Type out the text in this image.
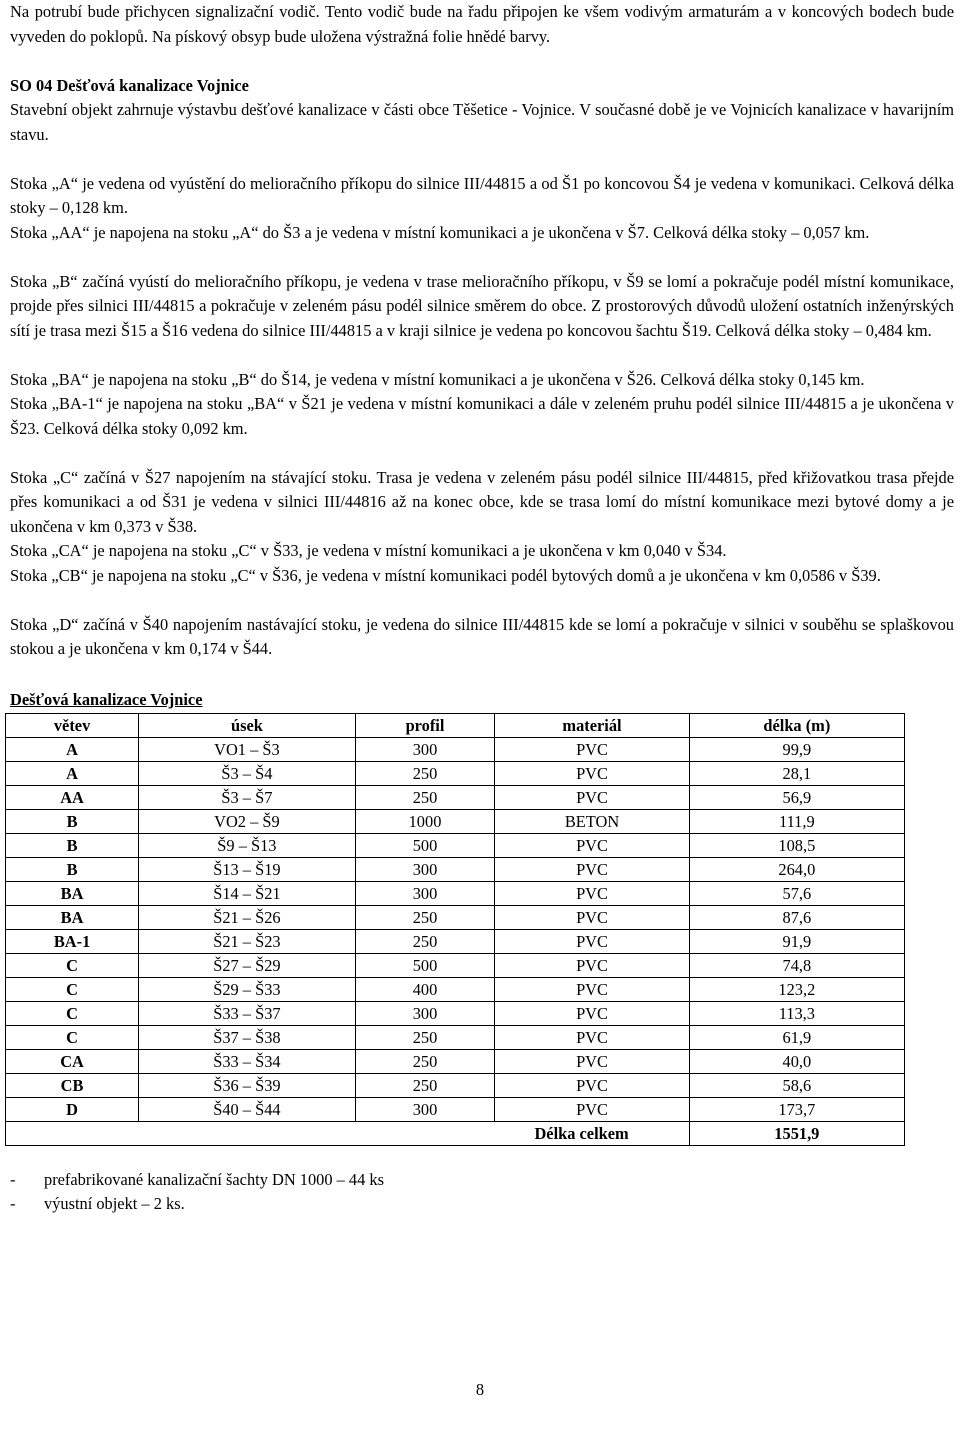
Na potrubí bude přichycen signalizační vodič. Tento vodič bude na řadu připojen ke všem vodivým armaturám a v koncových bodech bude vyveden do poklopů. Na pískový obsyp bude uložena výstražná folie hnědé barvy.

SO 04 Dešťová kanalizace Vojnice

Stavební objekt zahrnuje výstavbu dešťové kanalizace v části obce Těšetice - Vojnice. V současné době je ve Vojnicích kanalizace v havarijním stavu.

Stoka „A“ je vedena od vyústění do melioračního příkopu do silnice III/44815 a od Š1 po koncovou Š4 je vedena v komunikaci. Celková délka stoky – 0,128 km.

Stoka „AA“ je napojena na stoku „A“ do Š3 a je vedena v místní komunikaci a je ukončena v Š7. Celková délka stoky – 0,057 km.

Stoka „B“ začíná vyústí do melioračního příkopu, je vedena v trase melioračního příkopu, v Š9 se lomí a pokračuje podél místní komunikace, projde přes silnici III/44815 a pokračuje v zeleném pásu podél silnice směrem do obce. Z prostorových důvodů uložení ostatních inženýrských sítí je trasa mezi Š15 a Š16 vedena do silnice III/44815 a v kraji silnice je vedena po koncovou šachtu Š19. Celková délka stoky – 0,484 km.

Stoka „BA“ je napojena na stoku „B“ do Š14, je vedena v místní komunikaci a je ukončena v Š26. Celková délka stoky 0,145 km.

Stoka „BA-1“ je napojena na stoku „BA“ v Š21 je vedena v místní komunikaci a dále v zeleném pruhu podél silnice III/44815 a je ukončena v Š23. Celková délka stoky 0,092 km.

Stoka „C“ začíná v Š27 napojením na stávající stoku. Trasa je vedena v zeleném pásu podél silnice III/44815, před křižovatkou trasa přejde přes komunikaci a od Š31 je vedena v silnici III/44816 až na konec obce, kde se trasa lomí do místní komunikace mezi bytové domy a je ukončena v km 0,373 v Š38.

Stoka „CA“ je napojena na stoku „C“ v Š33, je vedena v místní komunikaci a je ukončena v km 0,040 v Š34.

Stoka „CB“ je napojena na stoku „C“ v Š36, je vedena v místní komunikaci podél bytových domů a je ukončena v km 0,0586 v Š39.

Stoka „D“ začíná v Š40 napojením nastávající stoku, je vedena do silnice III/44815 kde se lomí a pokračuje v silnici v souběhu se splaškovou stokou a je ukončena v km 0,174 v Š44.

Dešťová kanalizace Vojnice

větev	úsek	profil	materiál	délka (m)
A	VO1 – Š3	300	PVC	99,9
A	Š3 – Š4	250	PVC	28,1
AA	Š3 – Š7	250	PVC	56,9
B	VO2 – Š9	1000	BETON	111,9
B	Š9 – Š13	500	PVC	108,5
B	Š13 – Š19	300	PVC	264,0
BA	Š14 – Š21	300	PVC	57,6
BA	Š21 – Š26	250	PVC	87,6
BA-1	Š21 – Š23	250	PVC	91,9
C	Š27 – Š29	500	PVC	74,8
C	Š29 – Š33	400	PVC	123,2
C	Š33 – Š37	300	PVC	113,3
C	Š37 – Š38	250	PVC	61,9
CA	Š33 – Š34	250	PVC	40,0
CB	Š36 – Š39	250	PVC	58,6
D	Š40 – Š44	300	PVC	173,7
Délka celkem				1551,9
- prefabrikované kanalizační šachty DN 1000 – 44 ks
- výustní objekt – 2 ks.
8
